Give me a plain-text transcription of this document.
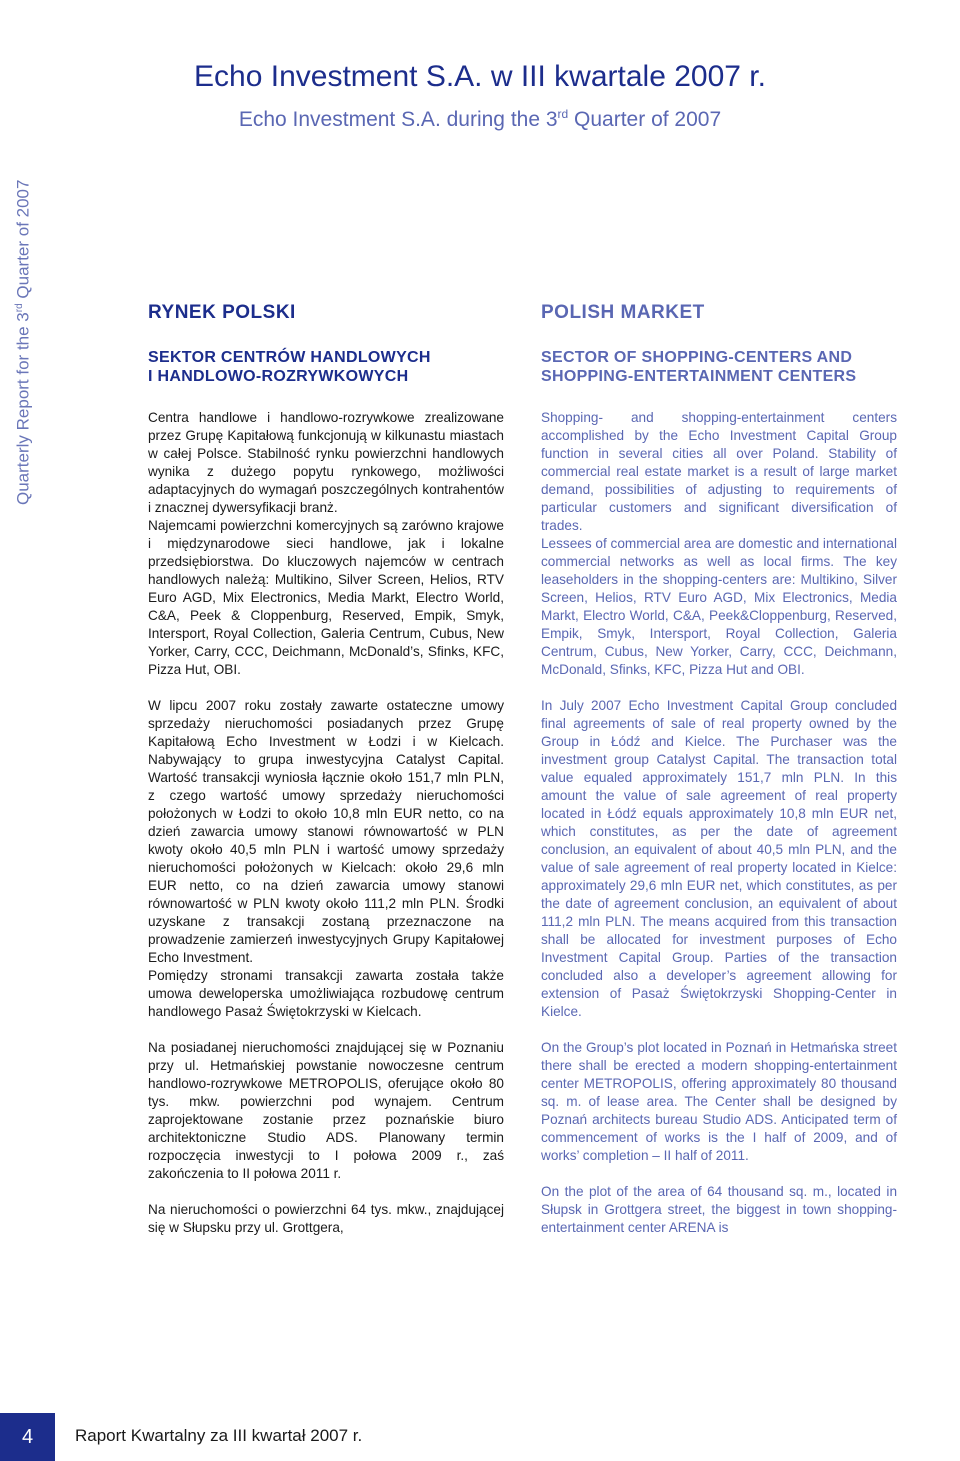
Echo Investment S.A. w III kwartale 2007 r.
Echo Investment S.A. during the 3rd Quarter of 2007
Quarterly Report for the 3rd Quarter of 2007
RYNEK POLSKI
SEKTOR CENTRÓW HANDLOWYCH
I HANDLOWO-ROZRYWKOWYCH

Centra handlowe i handlowo-rozrywkowe zrealizowane przez Grupę Kapitałową funkcjonują w kilkunastu miastach w całej Polsce. Stabilność rynku powierzchni handlowych wynika z dużego popytu rynkowego, możliwości adaptacyjnych do wymagań poszczególnych kontrahentów i znacznej dywersyfikacji branż.

Najemcami powierzchni komercyjnych są zarówno krajowe i międzynarodowe sieci handlowe, jak i lokalne przedsiębiorstwa. Do kluczowych najemców w centrach handlowych należą: Multikino, Silver Screen, Helios, RTV Euro AGD, Mix Electronics, Media Markt, Electro World, C&A, Peek & Cloppenburg, Reserved, Empik, Smyk, Intersport, Royal Collection, Galeria Centrum, Cubus, New Yorker, Carry, CCC, Deichmann, McDonald’s, Sfinks, KFC, Pizza Hut, OBI.

W lipcu 2007 roku zostały zawarte ostateczne umowy sprzedaży nieruchomości posiadanych przez Grupę Kapitałową Echo Investment w Łodzi i w Kielcach. Nabywający to grupa inwestycyjna Catalyst Capital. Wartość transakcji wyniosła łącznie około 151,7 mln PLN, z czego wartość umowy sprzedaży nieruchomości położonych w Łodzi to około 10,8 mln EUR netto, co na dzień zawarcia umowy stanowi równowartość w PLN kwoty około 40,5 mln PLN i wartość umowy sprzedaży nieruchomości położonych w Kielcach: około 29,6 mln EUR netto, co na dzień zawarcia umowy stanowi równowartość w PLN kwoty około 111,2 mln PLN. Środki uzyskane z transakcji zostaną przeznaczone na prowadzenie zamierzeń inwestycyjnych Grupy Kapitałowej Echo Investment.

Pomiędzy stronami transakcji zawarta została także umowa deweloperska umożliwiająca rozbudowę centrum handlowego Pasaż Świętokrzyski w Kielcach.

Na posiadanej nieruchomości znajdującej się w Poznaniu przy ul. Hetmańskiej powstanie nowoczesne centrum handlowo-rozrywkowe METROPOLIS, oferujące około 80 tys. mkw. powierzchni pod wynajem. Centrum zaprojektowane zostanie przez poznańskie biuro architektoniczne Studio ADS. Planowany termin rozpoczęcia inwestycji to I połowa 2009 r., zaś zakończenia to II połowa 2011 r.

Na nieruchomości o powierzchni 64 tys. mkw., znajdującej się w Słupsku przy ul. Grottgera,

POLISH MARKET
SECTOR OF SHOPPING-CENTERS AND
SHOPPING-ENTERTAINMENT CENTERS

Shopping- and shopping-entertainment centers accomplished by the Echo Investment Capital Group function in several cities all over Poland. Stability of commercial real estate market is a result of large market demand, possibilities of adjusting to requirements of particular customers and significant diversification of trades.

Lessees of commercial area are domestic and international commercial networks as well as local firms. The key leaseholders in the shopping-centers are: Multikino, Silver Screen, Helios, RTV Euro AGD, Mix Electronics, Media Markt, Electro World, C&A, Peek&Cloppenburg, Reserved, Empik, Smyk, Intersport, Royal Collection, Galeria Centrum, Cubus, New Yorker, Carry, CCC, Deichmann, McDonald, Sfinks, KFC, Pizza Hut and OBI.

In July 2007 Echo Investment Capital Group concluded final agreements of sale of real property owned by the Group in Łódź and Kielce. The Purchaser was the investment group Catalyst Capital. The transaction total value equaled approximately 151,7 mln PLN. In this amount the value of sale agreement of real property located in Łódź equals approximately 10,8 mln EUR net, which constitutes, as per the date of agreement conclusion, an equivalent of about 40,5 mln PLN, and the value of sale agreement of real property located in Kielce: approximately 29,6 mln EUR net, which constitutes, as per the date of agreement conclusion, an equivalent of about 111,2 mln PLN. The means acquired from this transaction shall be allocated for investment purposes of Echo Investment Capital Group. Parties of the transaction concluded also a developer’s agreement allowing for extension of Pasaż Świętokrzyski Shopping-Center in Kielce.

On the Group’s plot located in Poznań in Hetmańska street there shall be erected a modern shopping-entertainment center METROPOLIS, offering approximately 80 thousand sq. m. of lease area. The Center shall be designed by Poznań architects bureau Studio ADS. Anticipated term of commencement of works is the I half of 2009, and of works’ completion – II half of 2011.

On the plot of the area of 64 thousand sq. m., located in Słupsk in Grottgera street, the biggest in town shopping-entertainment center ARENA is

4	Raport Kwartalny za III kwartał 2007 r.
